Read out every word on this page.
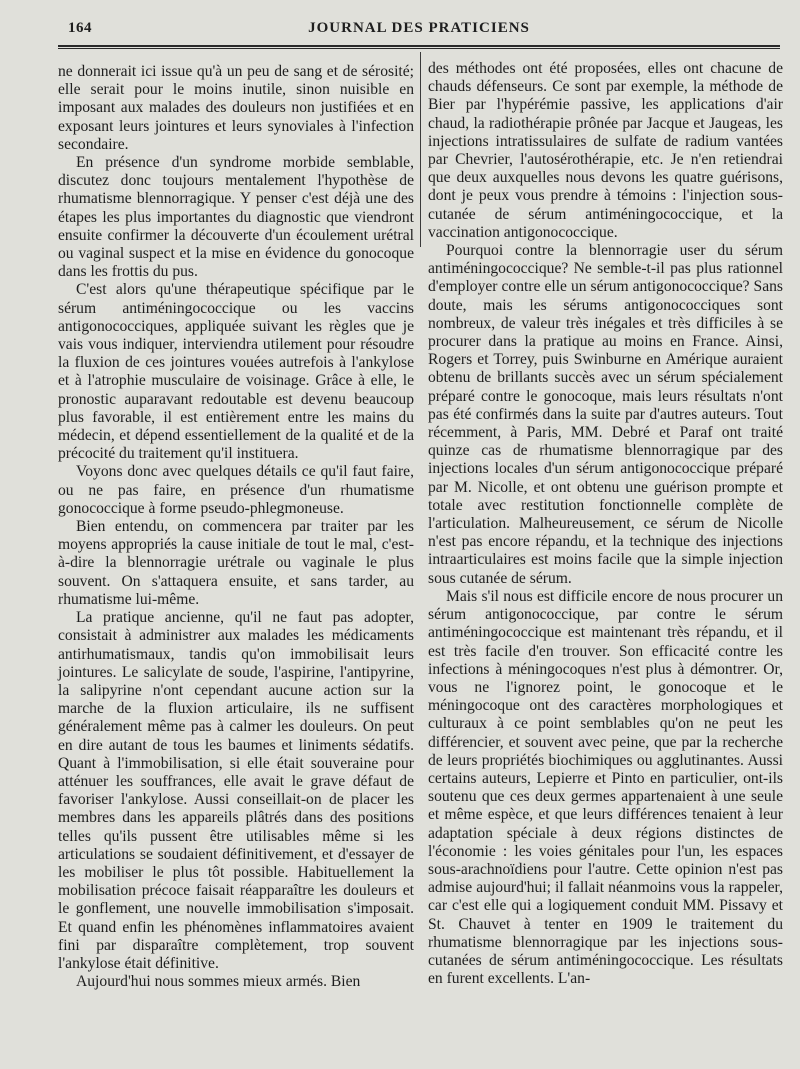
164	JOURNAL DES PRATICIENS

ne donnerait ici issue qu'à un peu de sang et de sérosité; elle serait pour le moins inutile, sinon nuisible en imposant aux malades des douleurs non justifiées et en exposant leurs jointures et leurs synoviales à l'infection secondaire.

En présence d'un syndrome morbide semblable, discutez donc toujours mentalement l'hypothèse de rhumatisme blennorragique. Y penser c'est déjà une des étapes les plus importantes du diagnostic que viendront ensuite confirmer la découverte d'un écoulement urétral ou vaginal suspect et la mise en évidence du gonocoque dans les frottis du pus.

C'est alors qu'une thérapeutique spécifique par le sérum antiméningococcique ou les vaccins antigonococciques, appliquée suivant les règles que je vais vous indiquer, interviendra utilement pour résoudre la fluxion de ces jointures vouées autrefois à l'ankylose et à l'atrophie musculaire de voisinage. Grâce à elle, le pronostic auparavant redoutable est devenu beaucoup plus favorable, il est entièrement entre les mains du médecin, et dépend essentiellement de la qualité et de la précocité du traitement qu'il instituera.

Voyons donc avec quelques détails ce qu'il faut faire, ou ne pas faire, en présence d'un rhumatisme gonococcique à forme pseudo-phlegmoneuse.

Bien entendu, on commencera par traiter par les moyens appropriés la cause initiale de tout le mal, c'est-à-dire la blennorragie urétrale ou vaginale le plus souvent. On s'attaquera ensuite, et sans tarder, au rhumatisme lui-même.

La pratique ancienne, qu'il ne faut pas adopter, consistait à administrer aux malades les médicaments antirhumatismaux, tandis qu'on immobilisait leurs jointures. Le salicylate de soude, l'aspirine, l'antipyrine, la salipyrine n'ont cependant aucune action sur la marche de la fluxion articulaire, ils ne suffisent généralement même pas à calmer les douleurs. On peut en dire autant de tous les baumes et liniments sédatifs. Quant à l'immobilisation, si elle était souveraine pour atténuer les souffrances, elle avait le grave défaut de favoriser l'ankylose. Aussi conseillait-on de placer les membres dans les appareils plâtrés dans des positions telles qu'ils pussent être utilisables même si les articulations se soudaient définitivement, et d'essayer de les mobiliser le plus tôt possible. Habituellement la mobilisation précoce faisait réapparaître les douleurs et le gonflement, une nouvelle immobilisation s'imposait. Et quand enfin les phénomènes inflammatoires avaient fini par disparaître complètement, trop souvent l'ankylose était définitive.

Aujourd'hui nous sommes mieux armés. Bien

des méthodes ont été proposées, elles ont chacune de chauds défenseurs. Ce sont par exemple, la méthode de Bier par l'hypérémie passive, les applications d'air chaud, la radiothérapie prônée par Jacque et Jaugeas, les injections intratissulaires de sulfate de radium vantées par Chevrier, l'autosérothérapie, etc. Je n'en retiendrai que deux auxquelles nous devons les quatre guérisons, dont je peux vous prendre à témoins : l'injection sous-cutanée de sérum antiméningococcique, et la vaccination antigonococcique.

Pourquoi contre la blennorragie user du sérum antiméningococcique? Ne semble-t-il pas plus rationnel d'employer contre elle un sérum antigonococcique? Sans doute, mais les sérums antigonococciques sont nombreux, de valeur très inégales et très difficiles à se procurer dans la pratique au moins en France. Ainsi, Rogers et Torrey, puis Swinburne en Amérique auraient obtenu de brillants succès avec un sérum spécialement préparé contre le gonocoque, mais leurs résultats n'ont pas été confirmés dans la suite par d'autres auteurs. Tout récemment, à Paris, MM. Debré et Paraf ont traité quinze cas de rhumatisme blennorragique par des injections locales d'un sérum antigonococcique préparé par M. Nicolle, et ont obtenu une guérison prompte et totale avec restitution fonctionnelle complète de l'articulation. Malheureusement, ce sérum de Nicolle n'est pas encore répandu, et la technique des injections intraarticulaires est moins facile que la simple injection sous cutanée de sérum.

Mais s'il nous est difficile encore de nous procurer un sérum antigonococcique, par contre le sérum antiméningococcique est maintenant très répandu, et il est très facile d'en trouver. Son efficacité contre les infections à méningocoques n'est plus à démontrer. Or, vous ne l'ignorez point, le gonocoque et le méningocoque ont des caractères morphologiques et culturaux à ce point semblables qu'on ne peut les différencier, et souvent avec peine, que par la recherche de leurs propriétés biochimiques ou agglutinantes. Aussi certains auteurs, Lepierre et Pinto en particulier, ont-ils soutenu que ces deux germes appartenaient à une seule et même espèce, et que leurs différences tenaient à leur adaptation spéciale à deux régions distinctes de l'économie : les voies génitales pour l'un, les espaces sous-arachnoïdiens pour l'autre. Cette opinion n'est pas admise aujourd'hui; il fallait néanmoins vous la rappeler, car c'est elle qui a logiquement conduit MM. Pissavy et St. Chauvet à tenter en 1909 le traitement du rhumatisme blennorragique par les injections sous-cutanées de sérum antiméningococcique. Les résultats en furent excellents. L'an-
